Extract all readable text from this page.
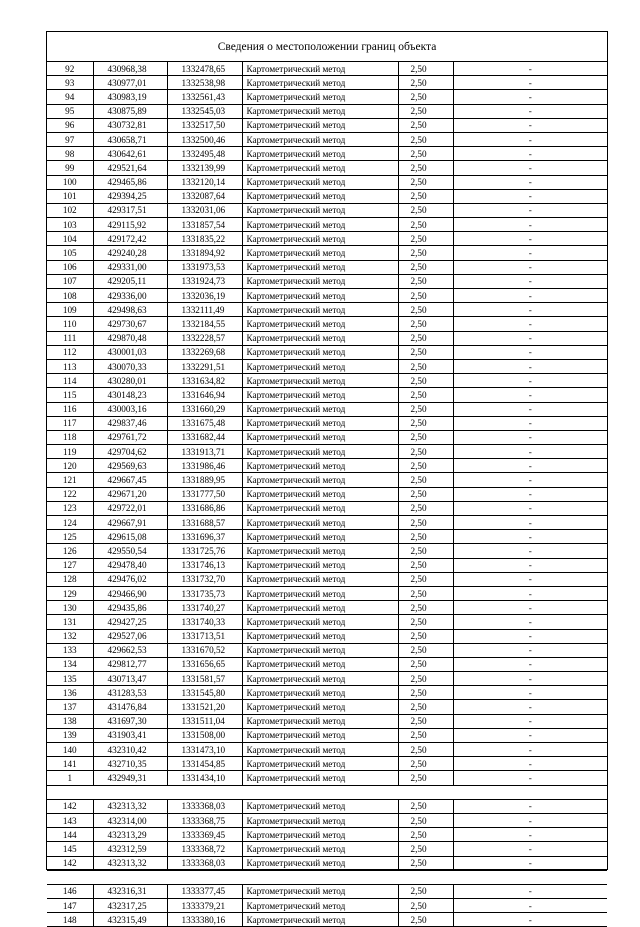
Сведения о местоположении границ объекта
92	430968,38	1332478,65	Картометрический метод	2,50	-
93	430977,01	1332538,98	Картометрический метод	2,50	-
94	430983,19	1332561,43	Картометрический метод	2,50	-
95	430875,89	1332545,03	Картометрический метод	2,50	-
96	430732,81	1332517,50	Картометрический метод	2,50	-
97	430658,71	1332500,46	Картометрический метод	2,50	-
98	430642,61	1332495,48	Картометрический метод	2,50	-
99	429521,64	1332139,99	Картометрический метод	2,50	-
100	429465,86	1332120,14	Картометрический метод	2,50	-
101	429394,25	1332087,64	Картометрический метод	2,50	-
102	429317,51	1332031,06	Картометрический метод	2,50	-
103	429115,92	1331857,54	Картометрический метод	2,50	-
104	429172,42	1331835,22	Картометрический метод	2,50	-
105	429240,28	1331894,92	Картометрический метод	2,50	-
106	429331,00	1331973,53	Картометрический метод	2,50	-
107	429205,11	1331924,73	Картометрический метод	2,50	-
108	429336,00	1332036,19	Картометрический метод	2,50	-
109	429498,63	1332111,49	Картометрический метод	2,50	-
110	429730,67	1332184,55	Картометрический метод	2,50	-
111	429870,48	1332228,57	Картометрический метод	2,50	-
112	430001,03	1332269,68	Картометрический метод	2,50	-
113	430070,33	1332291,51	Картометрический метод	2,50	-
114	430280,01	1331634,82	Картометрический метод	2,50	-
115	430148,23	1331646,94	Картометрический метод	2,50	-
116	430003,16	1331660,29	Картометрический метод	2,50	-
117	429837,46	1331675,48	Картометрический метод	2,50	-
118	429761,72	1331682,44	Картометрический метод	2,50	-
119	429704,62	1331913,71	Картометрический метод	2,50	-
120	429569,63	1331986,46	Картометрический метод	2,50	-
121	429667,45	1331889,95	Картометрический метод	2,50	-
122	429671,20	1331777,50	Картометрический метод	2,50	-
123	429722,01	1331686,86	Картометрический метод	2,50	-
124	429667,91	1331688,57	Картометрический метод	2,50	-
125	429615,08	1331696,37	Картометрический метод	2,50	-
126	429550,54	1331725,76	Картометрический метод	2,50	-
127	429478,40	1331746,13	Картометрический метод	2,50	-
128	429476,02	1331732,70	Картометрический метод	2,50	-
129	429466,90	1331735,73	Картометрический метод	2,50	-
130	429435,86	1331740,27	Картометрический метод	2,50	-
131	429427,25	1331740,33	Картометрический метод	2,50	-
132	429527,06	1331713,51	Картометрический метод	2,50	-
133	429662,53	1331670,52	Картометрический метод	2,50	-
134	429812,77	1331656,65	Картометрический метод	2,50	-
135	430713,47	1331581,57	Картометрический метод	2,50	-
136	431283,53	1331545,80	Картометрический метод	2,50	-
137	431476,84	1331521,20	Картометрический метод	2,50	-
138	431697,30	1331511,04	Картометрический метод	2,50	-
139	431903,41	1331508,00	Картометрический метод	2,50	-
140	432310,42	1331473,10	Картометрический метод	2,50	-
141	432710,35	1331454,85	Картометрический метод	2,50	-
1	432949,31	1331434,10	Картометрический метод	2,50	-

142	432313,32	1333368,03	Картометрический метод	2,50	-
143	432314,00	1333368,75	Картометрический метод	2,50	-
144	432313,29	1333369,45	Картометрический метод	2,50	-
145	432312,59	1333368,72	Картометрический метод	2,50	-
142	432313,32	1333368,03	Картометрический метод	2,50	-

146	432316,31	1333377,45	Картометрический метод	2,50	-
147	432317,25	1333379,21	Картометрический метод	2,50	-
148	432315,49	1333380,16	Картометрический метод	2,50	-
